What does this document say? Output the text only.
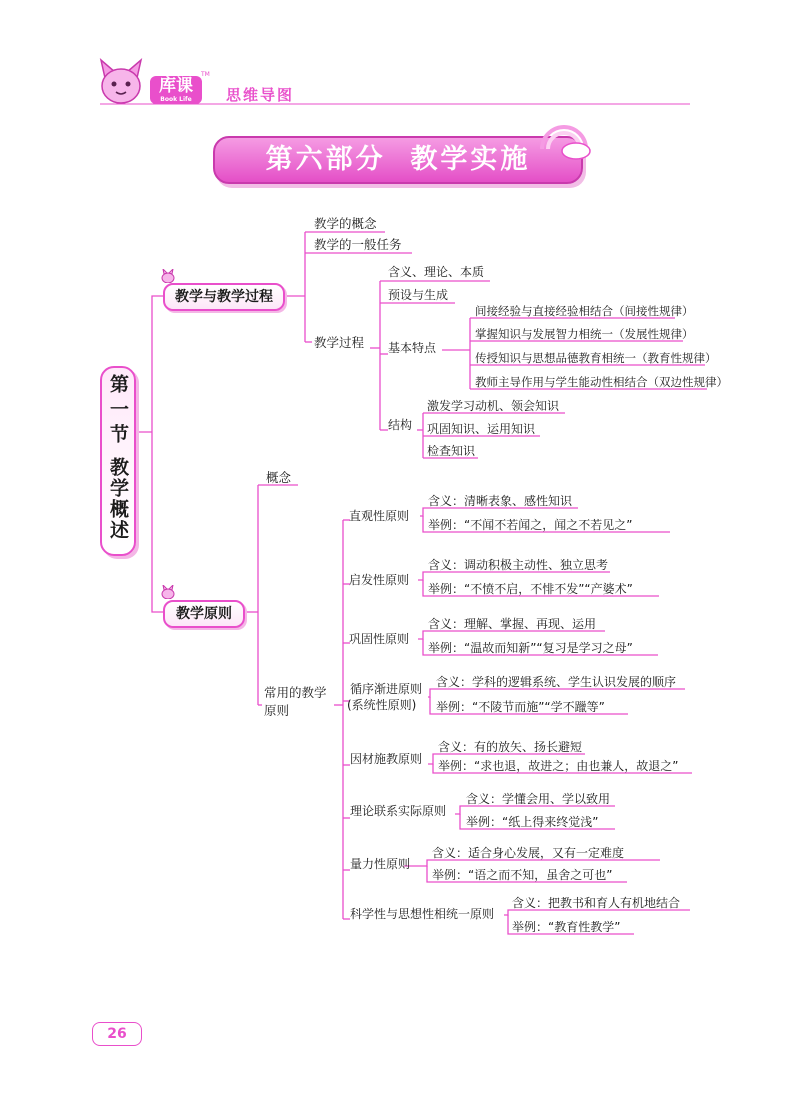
库课
Book Life
TM
思维导图
第六部分  教学实施
第一节
教学概述
教学与教学过程
教学的概念
教学的一般任务
教学过程
含义、理论、本质
预设与生成
基本特点
结构
间接经验与直接经验相结合（间接性规律）
掌握知识与发展智力相统一（发展性规律）
传授知识与思想品德教育相统一（教育性规律）
教师主导作用与学生能动性相结合（双边性规律）
激发学习动机、领会知识
巩固知识、运用知识
检查知识
教学原则
概念
常用的教学
原则
直观性原则
含义：清晰表象、感性知识
举例：“不闻不若闻之，闻之不若见之”
启发性原则
含义：调动积极主动性、独立思考
举例：“不愤不启，不悱不发”“产婆术”
巩固性原则
含义：理解、掌握、再现、运用
举例：“温故而知新”“复习是学习之母”
循序渐进原则
(系统性原则)
含义：学科的逻辑系统、学生认识发展的顺序
举例：“不陵节而施”“学不躐等”
因材施教原则
含义：有的放矢、扬长避短
举例：“求也退，故进之；由也兼人，故退之”
理论联系实际原则
含义：学懂会用、学以致用
举例：“纸上得来终觉浅”
量力性原则
含义：适合身心发展，又有一定难度
举例：“语之而不知，虽舍之可也”
科学性与思想性相统一原则
含义：把教书和育人有机地结合
举例：“教育性教学”
26
